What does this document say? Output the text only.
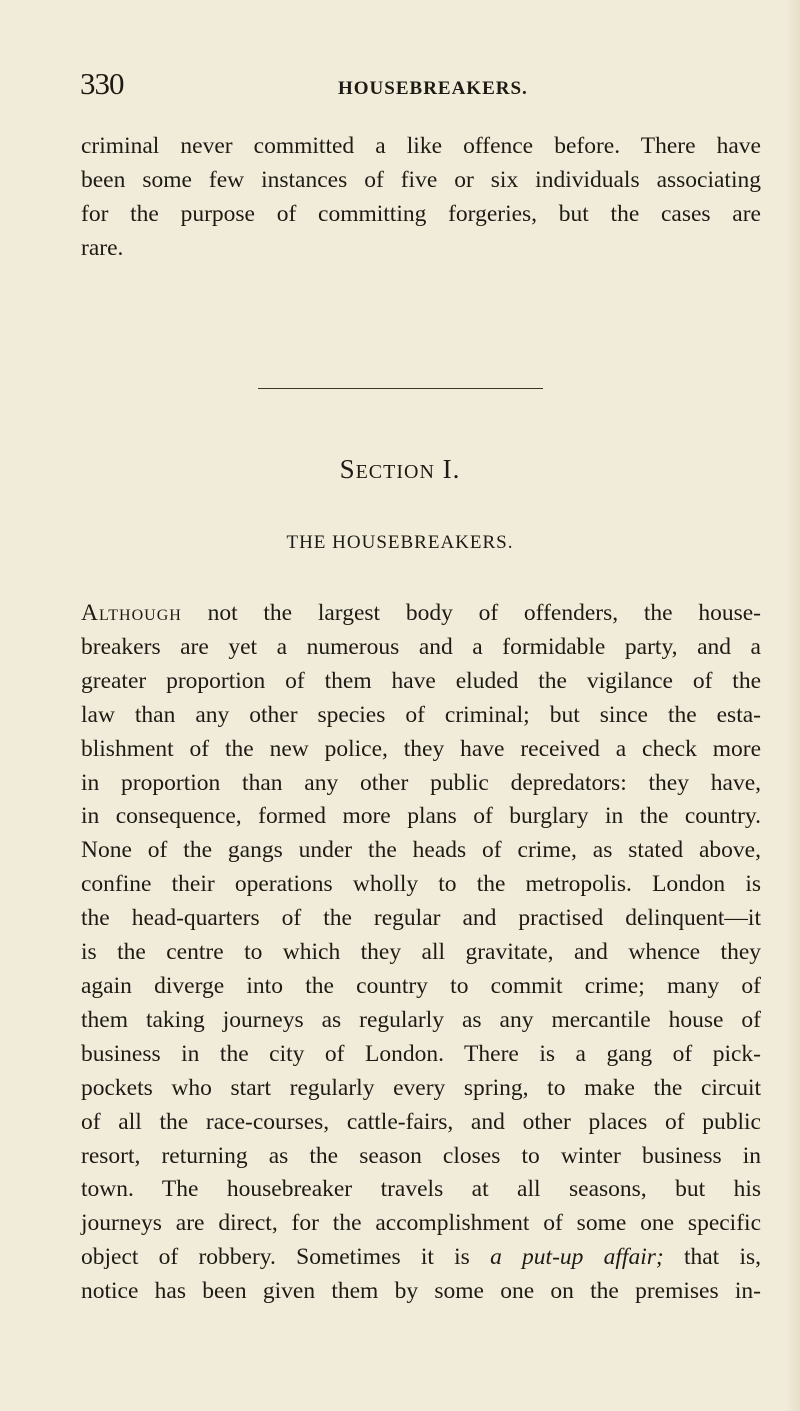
330	HOUSEBREAKERS.

criminal never committed a like offence before. There have
been some few instances of five or six individuals associating
for the purpose of committing forgeries, but the cases are
rare.

SECTION I.
THE HOUSEBREAKERS.

Although not the largest body of offenders, the house-
breakers are yet a numerous and a formidable party, and a
greater proportion of them have eluded the vigilance of the
law than any other species of criminal; but since the esta-
blishment of the new police, they have received a check more
in proportion than any other public depredators: they have,
in consequence, formed more plans of burglary in the country.
None of the gangs under the heads of crime, as stated above,
confine their operations wholly to the metropolis. London is
the head-quarters of the regular and practised delinquent—it
is the centre to which they all gravitate, and whence they
again diverge into the country to commit crime; many of
them taking journeys as regularly as any mercantile house of
business in the city of London. There is a gang of pick-
pockets who start regularly every spring, to make the circuit
of all the race-courses, cattle-fairs, and other places of public
resort, returning as the season closes to winter business in
town. The housebreaker travels at all seasons, but his
journeys are direct, for the accomplishment of some one specific
object of robbery. Sometimes it is a put-up affair; that is,
notice has been given them by some one on the premises in-
